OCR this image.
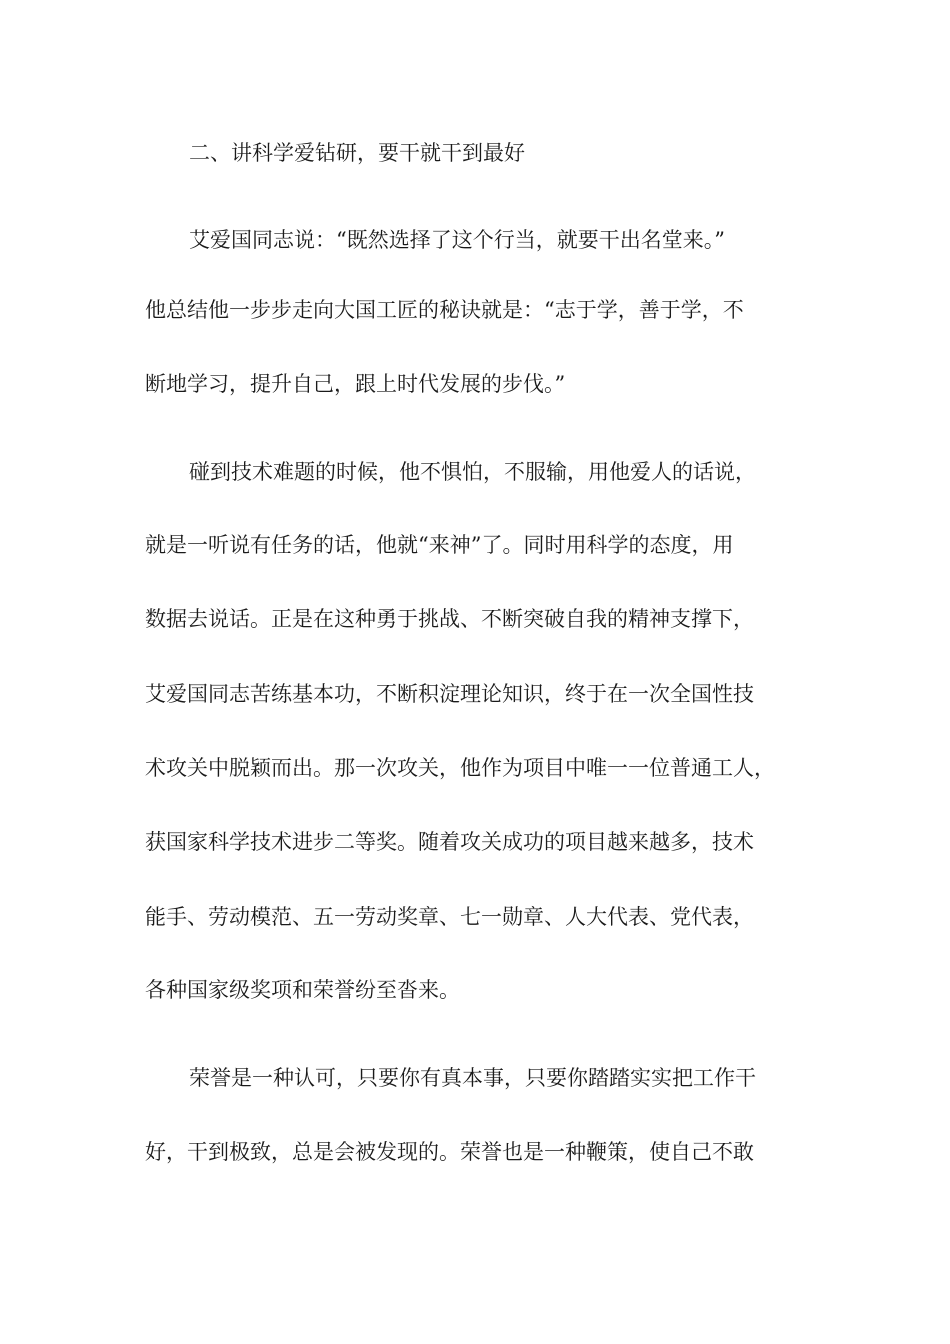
二、讲科学爱钻研，要干就干到最好
艾爱国同志说：“既然选择了这个行当，就要干出名堂来。”
他总结他一步步走向大国工匠的秘诀就是：“志于学，善于学，不
断地学习，提升自己，跟上时代发展的步伐。”
碰到技术难题的时候，他不惧怕，不服输，用他爱人的话说，
就是一听说有任务的话，他就“来神”了。同时用科学的态度，用
数据去说话。正是在这种勇于挑战、不断突破自我的精神支撑下，
艾爱国同志苦练基本功，不断积淀理论知识，终于在一次全国性技
术攻关中脱颖而出。那一次攻关，他作为项目中唯一一位普通工人，
获国家科学技术进步二等奖。随着攻关成功的项目越来越多，技术
能手、劳动模范、五一劳动奖章、七一勋章、人大代表、党代表，
各种国家级奖项和荣誉纷至沓来。
荣誉是一种认可，只要你有真本事，只要你踏踏实实把工作干
好，干到极致，总是会被发现的。荣誉也是一种鞭策，使自己不敢
